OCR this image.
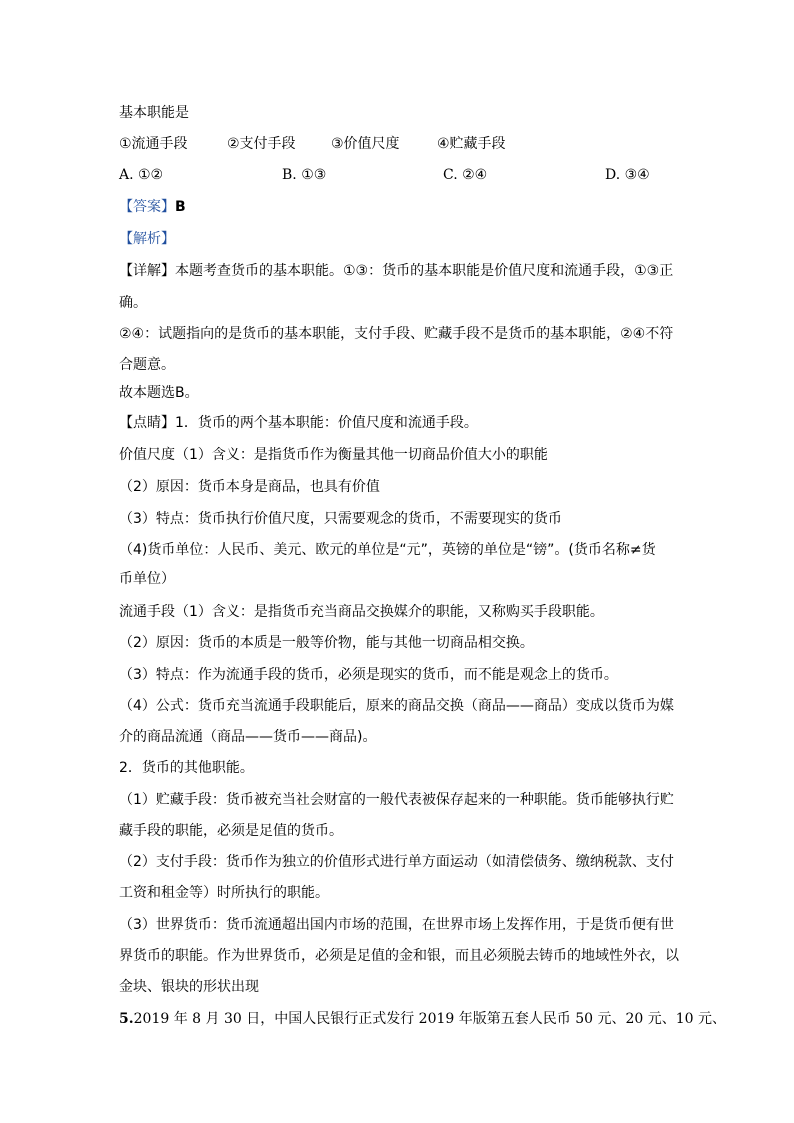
基本职能是
①流通手段	②支付手段	③价值尺度	④贮藏手段
A. ①②	B. ①③	C. ②④	D. ③④
【答案】B
【解析】
【详解】本题考查货币的基本职能。①③：货币的基本职能是价值尺度和流通手段，①③正
确。
②④：试题指向的是货币的基本职能，支付手段、贮藏手段不是货币的基本职能，②④不符
合题意。
故本题选B。
【点睛】1．货币的两个基本职能：价值尺度和流通手段。
价值尺度（1）含义：是指货币作为衡量其他一切商品价值大小的职能
（2）原因：货币本身是商品，也具有价值
（3）特点：货币执行价值尺度，只需要观念的货币，不需要现实的货币
（4)货币单位：人民币、美元、欧元的单位是“元”，英镑的单位是“镑”。(货币名称≠货
币单位）
流通手段（1）含义：是指货币充当商品交换媒介的职能，又称购买手段职能。
（2）原因：货币的本质是一般等价物，能与其他一切商品相交换。
（3）特点：作为流通手段的货币，必须是现实的货币，而不能是观念上的货币。
（4）公式：货币充当流通手段职能后，原来的商品交换（商品——商品）变成以货币为媒
介的商品流通（商品——货币——商品)。
2．货币的其他职能。
（1）贮藏手段：货币被充当社会财富的一般代表被保存起来的一种职能。货币能够执行贮
藏手段的职能，必须是足值的货币。
（2）支付手段：货币作为独立的价值形式进行单方面运动（如清偿债务、缴纳税款、支付
工资和租金等）时所执行的职能。
（3）世界货币：货币流通超出国内市场的范围，在世界市场上发挥作用，于是货币便有世
界货币的职能。作为世界货币，必须是足值的金和银，而且必须脱去铸币的地域性外衣，以
金块、银块的形状出现
5.2019 年 8 月 30 日，中国人民银行正式发行 2019 年版第五套人民币 50 元、20 元、10 元、
